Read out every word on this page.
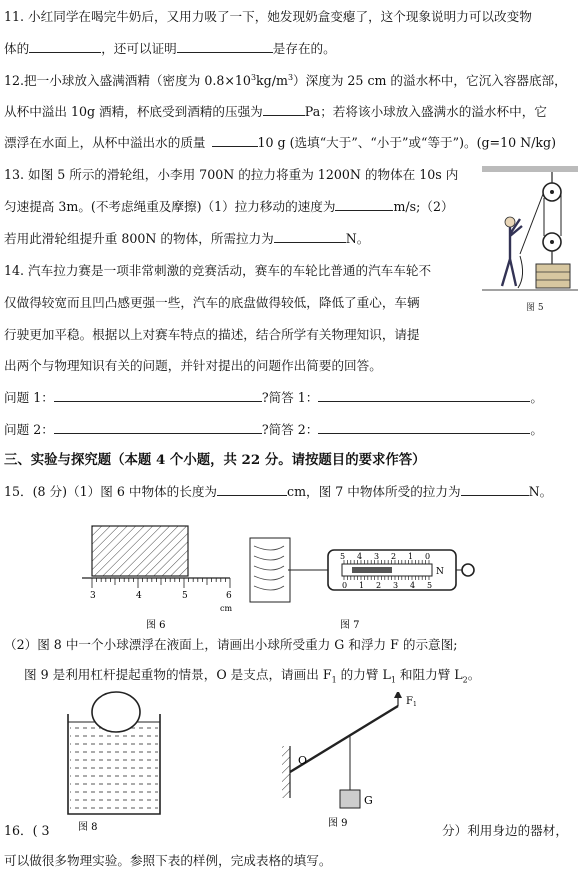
11. 小红同学在喝完牛奶后，又用力吸了一下，她发现奶盒变瘪了，这个现象说明力可以改变物
体的	，还可以证明	是存在的。
12.把一小球放入盛满酒精（密度为 $0.8\times 10^3kg/m^3$）深度为 25 cm 的溢水杯中，它沉入容器底部，
从杯中溢出 10g 酒精，杯底受到酒精的压强为	Pa；若将该小球放入盛满水的溢水杯中，它
漂浮在水面上，从杯中溢出水的质量	10 g (选填“大于”、“小于”或“等于”)。(g=10 N/kg)
13. 如图 5 所示的滑轮组，小李用 700N 的拉力将重为 1200N 的物体在 10s 内
匀速提高 3m。(不考虑绳重及摩擦)（1）拉力移动的速度为	m/s;（2）
若用此滑轮组提升重 800N 的物体，所需拉力为	N。
图 5
14. 汽车拉力赛是一项非常刺激的竞赛活动，赛车的车轮比普通的汽车车轮不
仅做得较宽而且凹凸感更强一些，汽车的底盘做得较低，降低了重心，车辆
行驶更加平稳。根据以上对赛车特点的描述，结合所学有关物理知识，请提
出两个与物理知识有关的问题，并针对提出的问题作出简要的回答。
问题 1：	?简答 1：	。
问题 2：	?简答 2：	。
三、实验与探究题（本题 4 个小题，共 22 分。请按题目的要求作答）
15．(8 分)（1）图 6 中物体的长度为	cm，图 7 中物体所受的拉力为	N。
3	4	5	6
cm
图 6
5 4 3 2 1 0
0 1 2 3 4 5
N
图 7
（2）图 8 中一个小球漂浮在液面上，请画出小球所受重力 G 和浮力 F 的示意图;
图 9 是利用杠杆提起重物的情景，O 是支点，请画出 $F_1$ 的力臂 $L_1$ 和阻力臂 $L_2$。
图 8
O
G
F 1
图 9
16．( 3	分）利用身边的器材，
可以做很多物理实验。参照下表的样例，完成表格的填写。
